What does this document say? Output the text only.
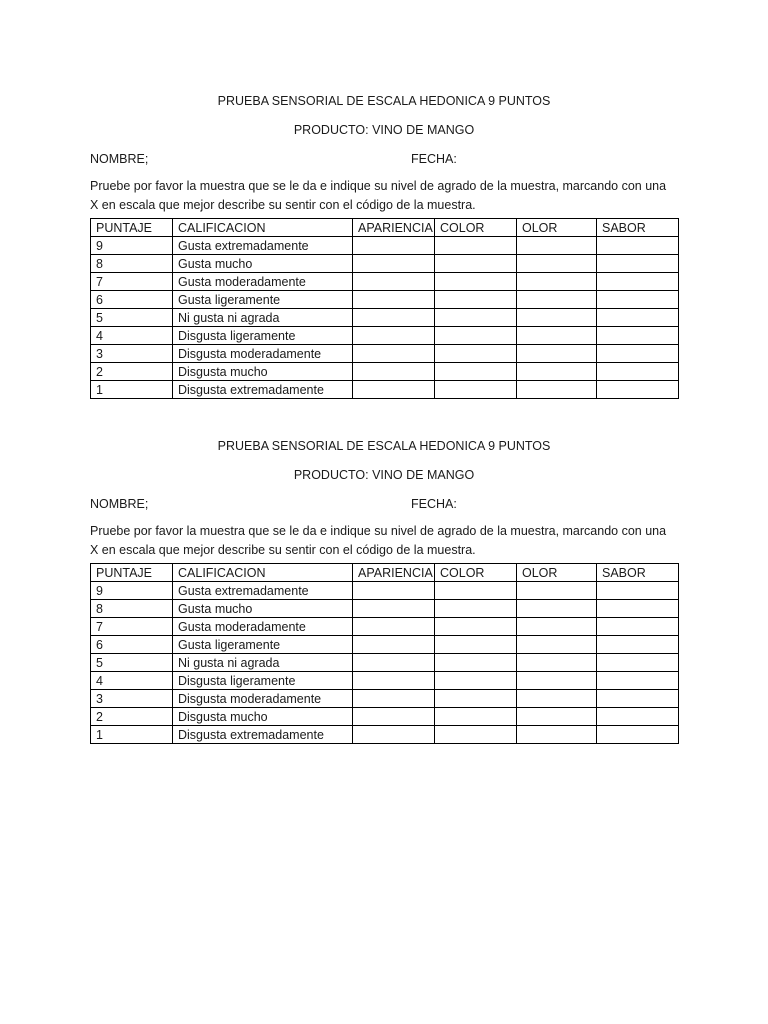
PRUEBA SENSORIAL DE ESCALA HEDONICA 9 PUNTOS
PRODUCTO: VINO DE MANGO
NOMBRE;	FECHA:
Pruebe por favor la muestra que se le da e indique su nivel de agrado de la muestra, marcando con una
X en escala que mejor describe su sentir con el código de la muestra.
PUNTAJE	CALIFICACION	APARIENCIA	COLOR	OLOR	SABOR
9	Gusta extremadamente				
8	Gusta mucho				
7	Gusta moderadamente				
6	Gusta ligeramente				
5	Ni gusta ni agrada				
4	Disgusta ligeramente				
3	Disgusta moderadamente				
2	Disgusta mucho				
1	Disgusta extremadamente				
PRUEBA SENSORIAL DE ESCALA HEDONICA 9 PUNTOS
PRODUCTO: VINO DE MANGO
NOMBRE;	FECHA:
Pruebe por favor la muestra que se le da e indique su nivel de agrado de la muestra, marcando con una
X en escala que mejor describe su sentir con el código de la muestra.
PUNTAJE	CALIFICACION	APARIENCIA	COLOR	OLOR	SABOR
9	Gusta extremadamente				
8	Gusta mucho				
7	Gusta moderadamente				
6	Gusta ligeramente				
5	Ni gusta ni agrada				
4	Disgusta ligeramente				
3	Disgusta moderadamente				
2	Disgusta mucho				
1	Disgusta extremadamente				
